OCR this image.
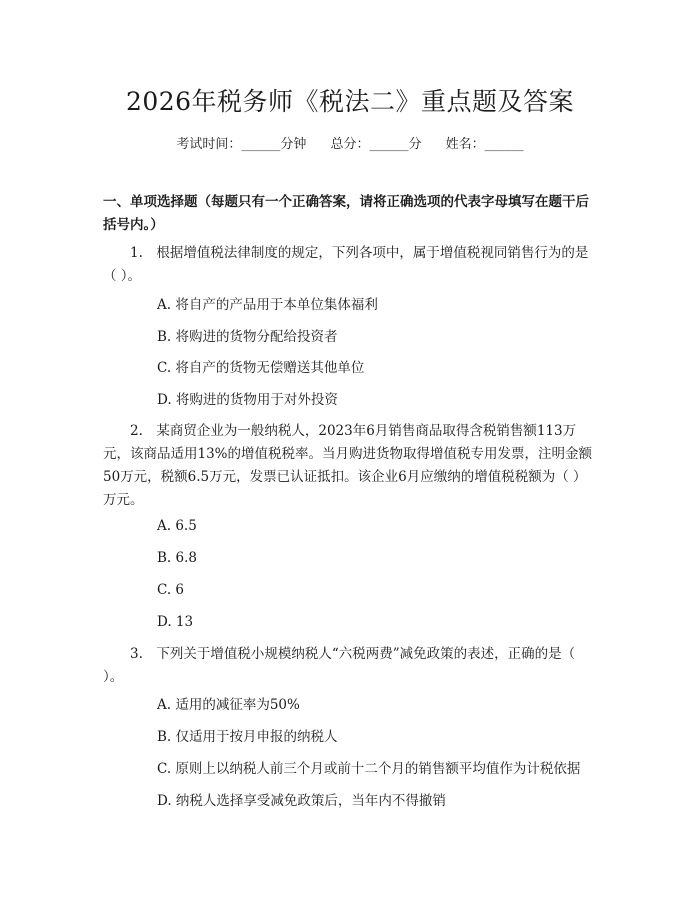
2026年税务师《税法二》重点题及答案
考试时间：______分钟 总分：______分 姓名：______
一、单项选择题（每题只有一个正确答案，请将正确选项的代表字母填写在题干后括号内。）
1.　根据增值税法律制度的规定，下列各项中，属于增值税视同销售行为的是（ ）。
A. 将自产的产品用于本单位集体福利
B. 将购进的货物分配给投资者
C. 将自产的货物无偿赠送其他单位
D. 将购进的货物用于对外投资
2.　某商贸企业为一般纳税人，2023年6月销售商品取得含税销售额113万元，该商品适用13%的增值税税率。当月购进货物取得增值税专用发票，注明金额50万元，税额6.5万元，发票已认证抵扣。该企业6月应缴纳的增值税税额为（ ）万元。
A. 6.5
B. 6.8
C. 6
D. 13
3.　下列关于增值税小规模纳税人“六税两费”减免政策的表述，正确的是（ ）。
A. 适用的减征率为50%
B. 仅适用于按月申报的纳税人
C. 原则上以纳税人前三个月或前十二个月的销售额平均值作为计税依据
D. 纳税人选择享受减免政策后，当年内不得撤销
